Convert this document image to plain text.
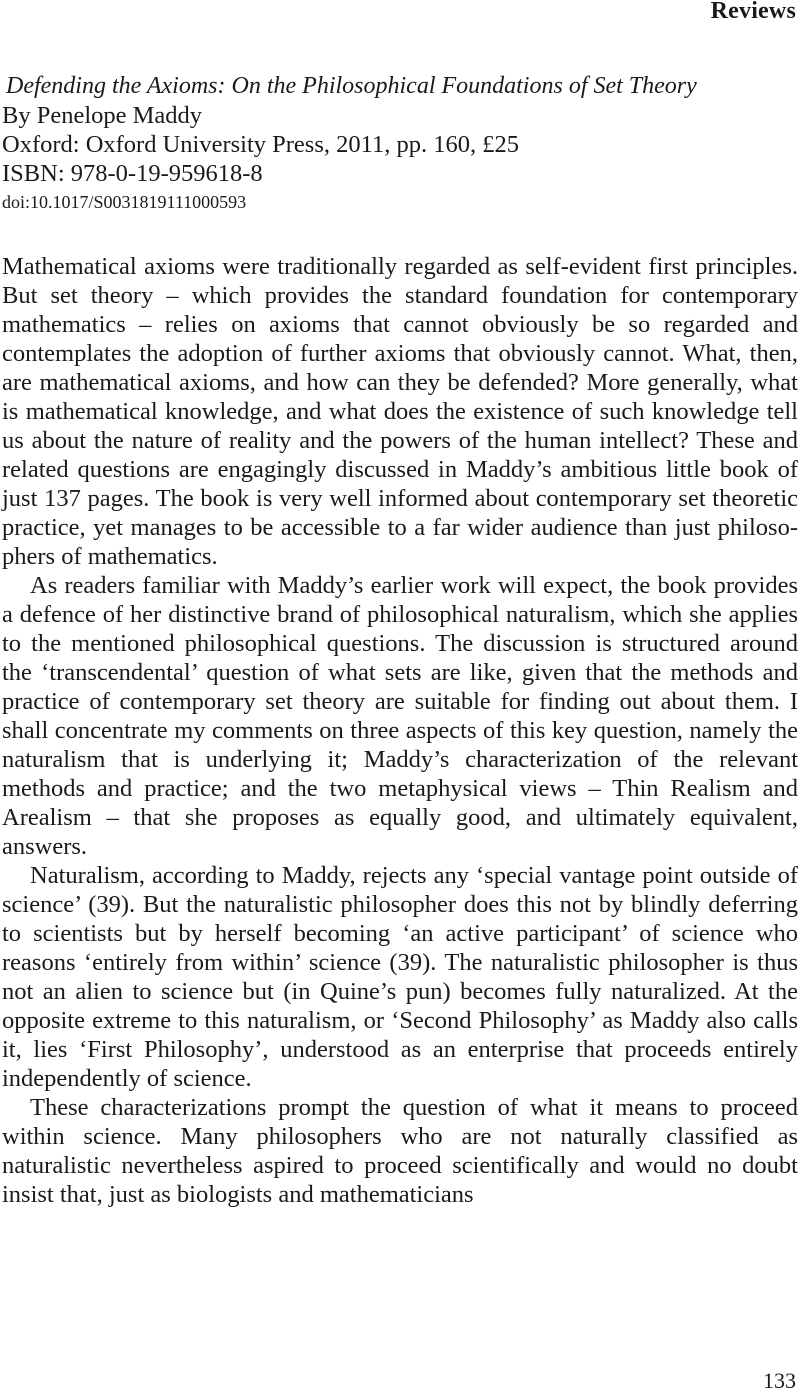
Reviews
Defending the Axioms: On the Philosophical Foundations of Set Theory
By Penelope Maddy
Oxford: Oxford University Press, 2011, pp. 160, £25
ISBN: 978-0-19-959618-8
doi:10.1017/S0031819111000593

Mathematical axioms were traditionally regarded as self-evident first principles. But set theory – which provides the standard foundation for contemporary mathematics – relies on axioms that cannot obviously be so regarded and contemplates the adoption of further axioms that obviously cannot. What, then, are mathematical axioms, and how can they be defended? More generally, what is mathematical knowledge, and what does the existence of such knowledge tell us about the nature of reality and the powers of the human intellect? These and related questions are engagingly discussed in Maddy’s ambitious little book of just 137 pages. The book is very well informed about contemporary set theoretic practice, yet manages to be accessible to a far wider audience than just philosophers of mathematics.

As readers familiar with Maddy’s earlier work will expect, the book provides a defence of her distinctive brand of philosophical naturalism, which she applies to the mentioned philosophical questions. The discussion is structured around the ‘transcendental’ question of what sets are like, given that the methods and practice of contemporary set theory are suitable for finding out about them. I shall concentrate my comments on three aspects of this key question, namely the naturalism that is underlying it; Maddy’s characterization of the relevant methods and practice; and the two metaphysical views – Thin Realism and Arealism – that she proposes as equally good, and ultimately equivalent, answers.

Naturalism, according to Maddy, rejects any ‘special vantage point outside of science’ (39). But the naturalistic philosopher does this not by blindly deferring to scientists but by herself becoming ‘an active participant’ of science who reasons ‘entirely from within’ science (39). The naturalistic philosopher is thus not an alien to science but (in Quine’s pun) becomes fully naturalized. At the opposite extreme to this naturalism, or ‘Second Philosophy’ as Maddy also calls it, lies ‘First Philosophy’, understood as an enterprise that proceeds entirely independently of science.

These characterizations prompt the question of what it means to proceed within science. Many philosophers who are not naturally classified as naturalistic nevertheless aspired to proceed scientifically and would no doubt insist that, just as biologists and mathematicians

133
